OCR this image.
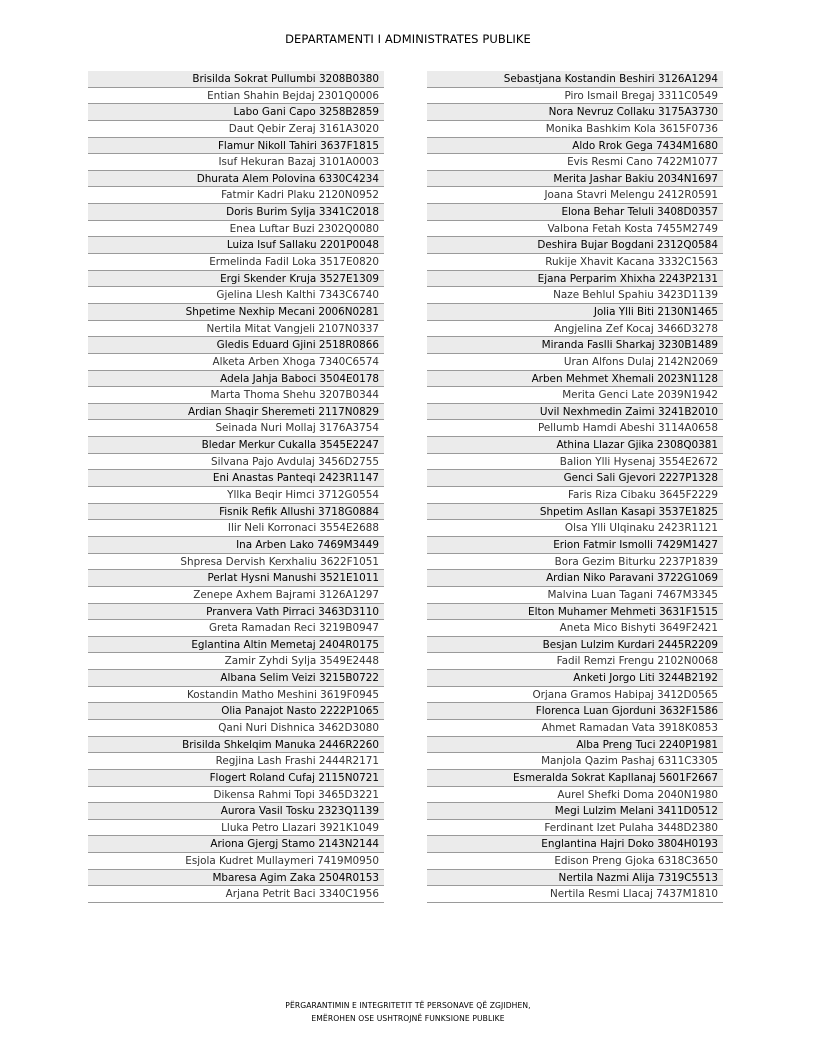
DEPARTAMENTI I ADMINISTRATES PUBLIKE
Brisilda Sokrat Pullumbi 3208B0380
Entian Shahin Bejdaj 2301Q0006
Labo Gani Capo 3258B2859
Daut Qebir Zeraj 3161A3020
Flamur Nikoll Tahiri 3637F1815
Isuf Hekuran Bazaj 3101A0003
Dhurata Alem Polovina 6330C4234
Fatmir Kadri Plaku 2120N0952
Doris Burim Sylja 3341C2018
Enea Luftar Buzi 2302Q0080
Luiza Isuf Sallaku 2201P0048
Ermelinda Fadil Loka 3517E0820
Ergi Skender Kruja 3527E1309
Gjelina Llesh Kalthi 7343C6740
Shpetime Nexhip Mecani 2006N0281
Nertila Mitat Vangjeli 2107N0337
Gledis Eduard Gjini 2518R0866
Alketa Arben Xhoga 7340C6574
Adela Jahja Baboci 3504E0178
Marta Thoma Shehu 3207B0344
Ardian Shaqir Sheremeti 2117N0829
Seinada Nuri Mollaj 3176A3754
Bledar Merkur Cukalla 3545E2247
Silvana Pajo Avdulaj 3456D2755
Eni Anastas Panteqi 2423R1147
Yllka Beqir Himci 3712G0554
Fisnik Refik Allushi 3718G0884
Ilir Neli Korronaci 3554E2688
Ina Arben Lako 7469M3449
Shpresa Dervish Kerxhaliu 3622F1051
Perlat Hysni Manushi 3521E1011
Zenepe Axhem Bajrami 3126A1297
Pranvera Vath Pirraci 3463D3110
Greta Ramadan Reci 3219B0947
Eglantina Altin Memetaj 2404R0175
Zamir Zyhdi Sylja 3549E2448
Albana Selim Veizi 3215B0722
Kostandin Matho Meshini 3619F0945
Olia Panajot Nasto 2222P1065
Qani Nuri Dishnica 3462D3080
Brisilda Shkelqim Manuka 2446R2260
Regjina Lash Frashi 2444R2171
Flogert Roland Cufaj 2115N0721
Dikensa Rahmi Topi 3465D3221
Aurora Vasil Tosku 2323Q1139
Lluka Petro Llazari 3921K1049
Ariona Gjergj Stamo 2143N2144
Esjola Kudret Mullaymeri 7419M0950
Mbaresa Agim Zaka 2504R0153
Arjana Petrit Baci 3340C1956
Sebastjana Kostandin Beshiri 3126A1294
Piro Ismail Bregaj 3311C0549
Nora Nevruz Collaku 3175A3730
Monika Bashkim Kola 3615F0736
Aldo Rrok Gega 7434M1680
Evis Resmi Cano 7422M1077
Merita Jashar Bakiu 2034N1697
Joana Stavri Melengu 2412R0591
Elona Behar Teluli 3408D0357
Valbona Fetah Kosta 7455M2749
Deshira Bujar Bogdani 2312Q0584
Rukije Xhavit Kacana 3332C1563
Ejana Perparim Xhixha 2243P2131
Naze Behlul Spahiu 3423D1139
Jolia Ylli Biti 2130N1465
Angjelina Zef Kocaj 3466D3278
Miranda Faslli Sharkaj 3230B1489
Uran Alfons Dulaj 2142N2069
Arben Mehmet Xhemali 2023N1128
Merita Genci Late 2039N1942
Uvil Nexhmedin Zaimi 3241B2010
Pellumb Hamdi Abeshi 3114A0658
Athina Llazar Gjika 2308Q0381
Balion Ylli Hysenaj 3554E2672
Genci Sali Gjevori 2227P1328
Faris Riza Cibaku 3645F2229
Shpetim Asllan Kasapi 3537E1825
Olsa Ylli Ulqinaku 2423R1121
Erion Fatmir Ismolli 7429M1427
Bora Gezim Biturku 2237P1839
Ardian Niko Paravani 3722G1069
Malvina Luan Tagani 7467M3345
Elton Muhamer Mehmeti 3631F1515
Aneta Mico Bishyti 3649F2421
Besjan Lulzim Kurdari 2445R2209
Fadil Remzi Frengu 2102N0068
Anketi Jorgo Liti 3244B2192
Orjana Gramos Habipaj 3412D0565
Florenca Luan Gjorduni 3632F1586
Ahmet Ramadan Vata 3918K0853
Alba Preng Tuci 2240P1981
Manjola Qazim Pashaj 6311C3305
Esmeralda Sokrat Kapllanaj 5601F2667
Aurel Shefki Doma 2040N1980
Megi Lulzim Melani 3411D0512
Ferdinant Izet Pulaha 3448D2380
Englantina Hajri Doko 3804H0193
Edison Preng Gjoka 6318C3650
Nertila Nazmi Alija 7319C5513
Nertila Resmi Llacaj 7437M1810
PËRGARANTIMIN E INTEGRITETIT TË PERSONAVE QË ZGJIDHEN,
EMËROHEN OSE USHTROJNË FUNKSIONE PUBLIKE
